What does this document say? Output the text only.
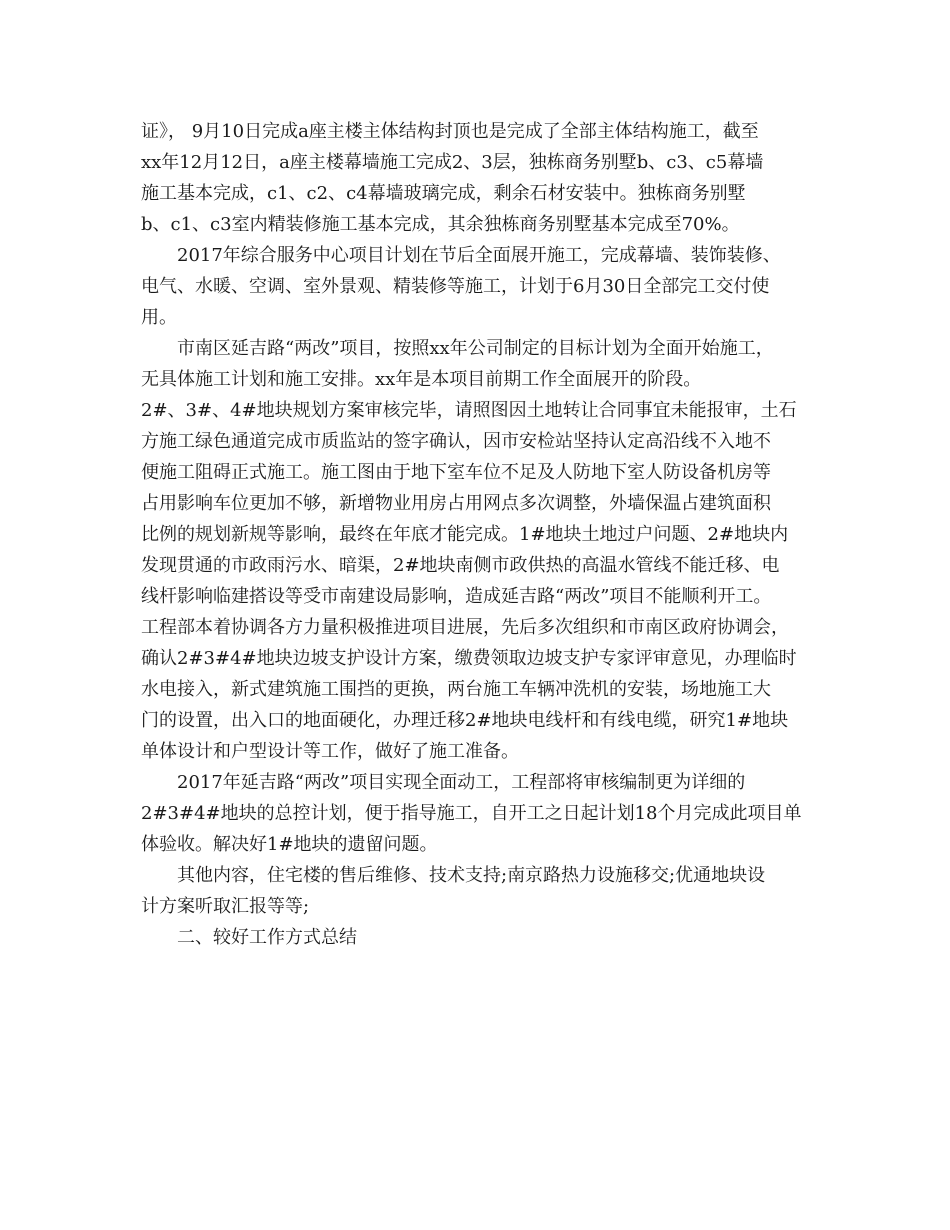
证》， 9月10日完成a座主楼主体结构封顶也是完成了全部主体结构施工，截至
xx年12月12日，a座主楼幕墙施工完成2、3层，独栋商务别墅b、c3、c5幕墙
施工基本完成，c1、c2、c4幕墙玻璃完成，剩余石材安装中。独栋商务别墅
b、c1、c3室内精装修施工基本完成，其余独栋商务别墅基本完成至70%。
2017年综合服务中心项目计划在节后全面展开施工，完成幕墙、装饰装修、
电气、水暖、空调、室外景观、精装修等施工，计划于6月30日全部完工交付使
用。
市南区延吉路“两改”项目，按照xx年公司制定的目标计划为全面开始施工，
无具体施工计划和施工安排。xx年是本项目前期工作全面展开的阶段。
2#、3#、4#地块规划方案审核完毕，请照图因土地转让合同事宜未能报审，土石
方施工绿色通道完成市质监站的签字确认，因市安检站坚持认定高沿线不入地不
便施工阻碍正式施工。施工图由于地下室车位不足及人防地下室人防设备机房等
占用影响车位更加不够，新增物业用房占用网点多次调整，外墙保温占建筑面积
比例的规划新规等影响，最终在年底才能完成。1#地块土地过户问题、2#地块内
发现贯通的市政雨污水、暗渠，2#地块南侧市政供热的高温水管线不能迁移、电
线杆影响临建搭设等受市南建设局影响，造成延吉路“两改”项目不能顺利开工。
工程部本着协调各方力量积极推进项目进展，先后多次组织和市南区政府协调会，
确认2#3#4#地块边坡支护设计方案，缴费领取边坡支护专家评审意见，办理临时
水电接入，新式建筑施工围挡的更换，两台施工车辆冲洗机的安装，场地施工大
门的设置，出入口的地面硬化，办理迁移2#地块电线杆和有线电缆，研究1#地块
单体设计和户型设计等工作，做好了施工准备。
2017年延吉路“两改”项目实现全面动工，工程部将审核编制更为详细的
2#3#4#地块的总控计划，便于指导施工，自开工之日起计划18个月完成此项目单
体验收。解决好1#地块的遗留问题。
其他内容，住宅楼的售后维修、技术支持;南京路热力设施移交;优通地块设
计方案听取汇报等等;
二、较好工作方式总结
